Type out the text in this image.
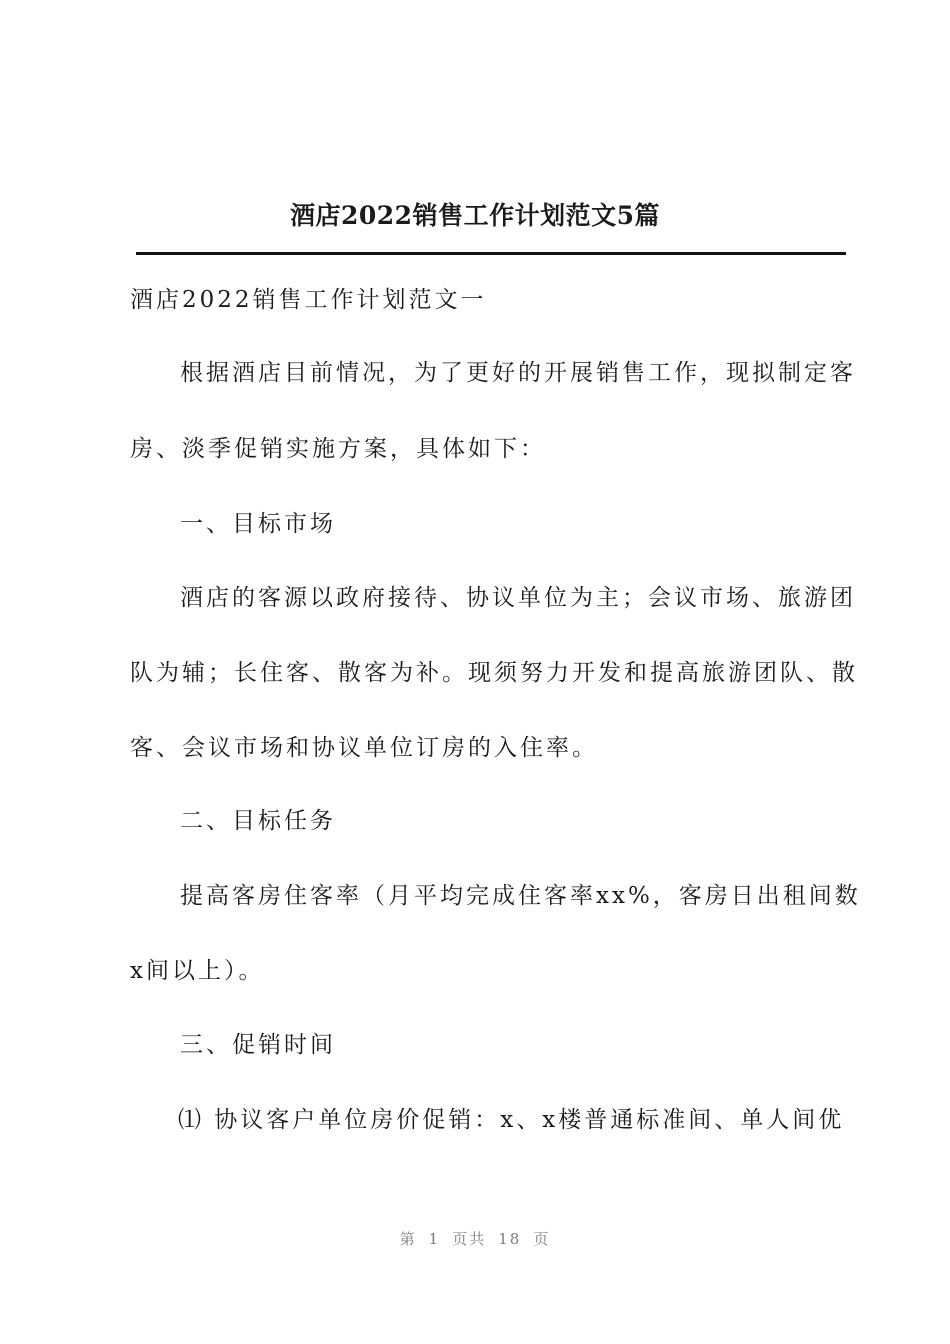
酒店2022销售工作计划范文5篇
酒店2022销售工作计划范文一
根据酒店目前情况，为了更好的开展销售工作，现拟制定客
房、淡季促销实施方案，具体如下：
一、目标市场
酒店的客源以政府接待、协议单位为主；会议市场、旅游团
队为辅；长住客、散客为补。现须努力开发和提高旅游团队、散
客、会议市场和协议单位订房的入住率。
二、目标任务
提高客房住客率（月平均完成住客率xx%，客房日出租间数
x间以上）。
三、促销时间
⑴ 协议客户单位房价促销：x、x楼普通标准间、单人间优
第 1 页共 18 页
